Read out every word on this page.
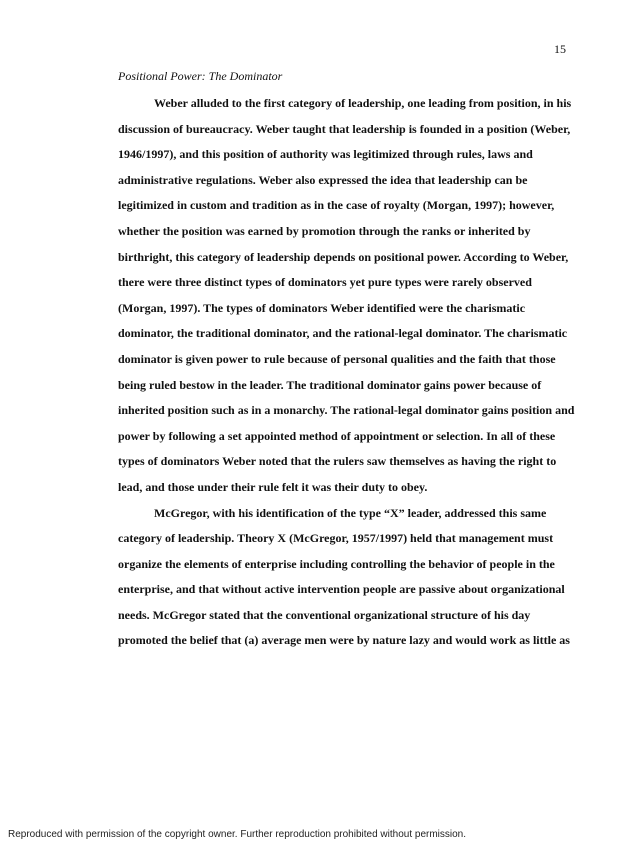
15
Positional Power: The Dominator
Weber alluded to the first category of leadership, one leading from position, in his
discussion of bureaucracy. Weber taught that leadership is founded in a position (Weber,
1946/1997), and this position of authority was legitimized through rules, laws and
administrative regulations. Weber also expressed the idea that leadership can be
legitimized in custom and tradition as in the case of royalty (Morgan, 1997); however,
whether the position was earned by promotion through the ranks or inherited by
birthright, this category of leadership depends on positional power. According to Weber,
there were three distinct types of dominators yet pure types were rarely observed
(Morgan, 1997). The types of dominators Weber identified were the charismatic
dominator, the traditional dominator, and the rational-legal dominator. The charismatic
dominator is given power to rule because of personal qualities and the faith that those
being ruled bestow in the leader. The traditional dominator gains power because of
inherited position such as in a monarchy. The rational-legal dominator gains position and
power by following a set appointed method of appointment or selection. In all of these
types of dominators Weber noted that the rulers saw themselves as having the right to
lead, and those under their rule felt it was their duty to obey.
McGregor, with his identification of the type “X” leader, addressed this same
category of leadership. Theory X (McGregor, 1957/1997) held that management must
organize the elements of enterprise including controlling the behavior of people in the
enterprise, and that without active intervention people are passive about organizational
needs. McGregor stated that the conventional organizational structure of his day
promoted the belief that (a) average men were by nature lazy and would work as little as
Reproduced with permission of the copyright owner. Further reproduction prohibited without permission.
